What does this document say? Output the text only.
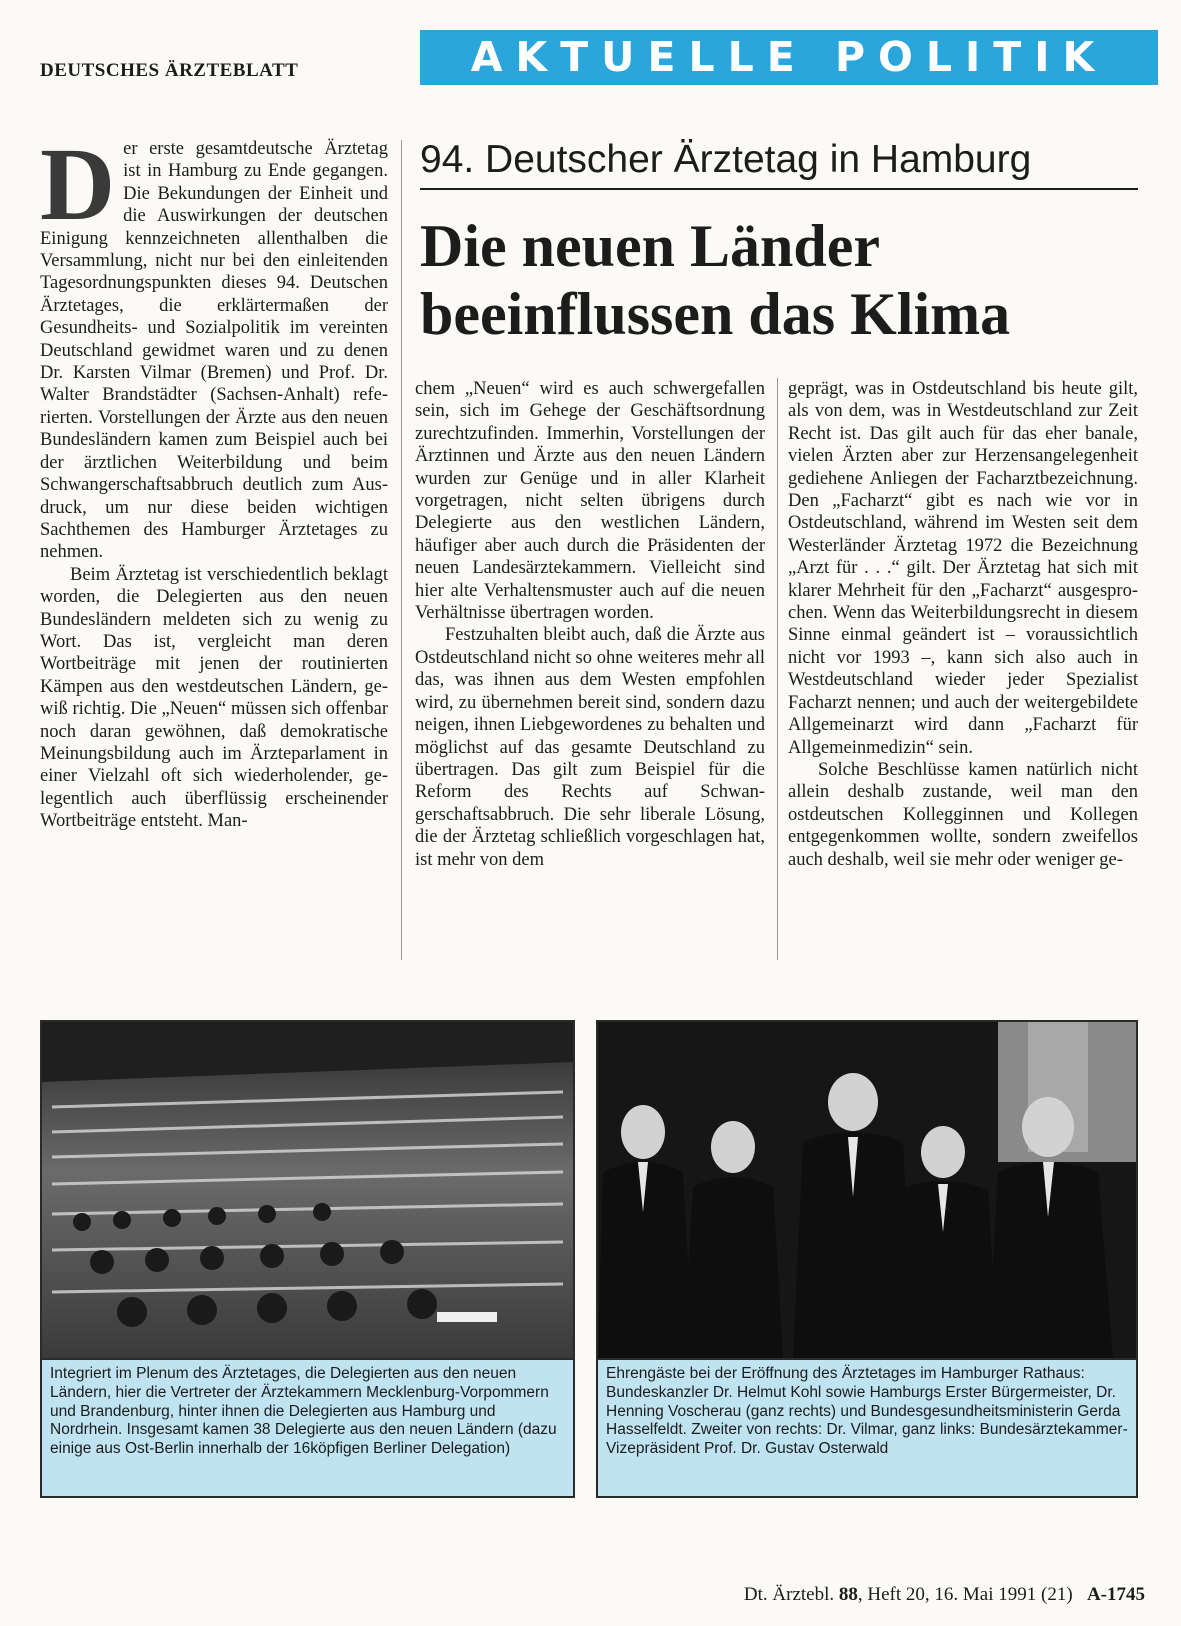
DEUTSCHES ÄRZTEBLATT	AKTUELLE POLITIK
94. Deutscher Ärztetag in Hamburg
Die neuen Länder beeinflussen das Klima

Der erste gesamtdeutsche Ärztetag ist in Hamburg zu Ende gegangen. Die Bekundungen der Einheit und die Auswirkungen der deutschen Einigung kennzeichneten allenthalben die Versammlung, nicht nur bei den einleitenden Tagesordnungspunkten dieses 94. Deutschen Ärztetages, die erklärtermaßen der Gesundheits- und Sozialpolitik im vereinten Deutschland gewidmet waren und zu denen Dr. Karsten Vilmar (Bremen) und Prof. Dr. Walter Brandstädter (Sachsen-Anhalt) referierten. Vorstellungen der Ärzte aus den neuen Bundesländern kamen zum Beispiel auch bei der ärztlichen Weiterbildung und beim Schwangerschaftsabbruch deutlich zum Ausdruck, um nur diese beiden wichtigen Sachthemen des Hamburger Ärztetages zu nehmen.

Beim Ärztetag ist verschiedentlich beklagt worden, die Delegierten aus den neuen Bundesländern meldeten sich zu wenig zu Wort. Das ist, vergleicht man deren Wortbeiträge mit jenen der routinierten Kämpen aus den westdeutschen Ländern, gewiß richtig. Die „Neuen“ müssen sich offenbar noch daran gewöhnen, daß demokratische Meinungsbildung auch im Ärzteparlament in einer Vielzahl oft sich wiederholender, gelegentlich auch überflüssig erscheinender Wortbeiträge entsteht. Man-

chem „Neuen“ wird es auch schwergefallen sein, sich im Gehege der Geschäftsordnung zurechtzufinden. Immerhin, Vorstellungen der Ärztinnen und Ärzte aus den neuen Ländern wurden zur Genüge und in aller Klarheit vorgetragen, nicht selten übrigens durch Delegierte aus den westlichen Ländern, häufiger aber auch durch die Präsidenten der neuen Landesärztekammern. Vielleicht sind hier alte Verhaltensmuster auch auf die neuen Verhältnisse übertragen worden.

Festzuhalten bleibt auch, daß die Ärzte aus Ostdeutschland nicht so ohne weiteres mehr all das, was ihnen aus dem Westen empfohlen wird, zu übernehmen bereit sind, sondern dazu neigen, ihnen Liebgewordenes zu behalten und möglichst auf das gesamte Deutschland zu übertragen. Das gilt zum Beispiel für die Reform des Rechts auf Schwangerschaftsabbruch. Die sehr liberale Lösung, die der Ärztetag schließlich vorgeschlagen hat, ist mehr von dem

geprägt, was in Ostdeutschland bis heute gilt, als von dem, was in Westdeutschland zur Zeit Recht ist. Das gilt auch für das eher banale, vielen Ärzten aber zur Herzensangelegenheit gediehene Anliegen der Facharztbezeichnung. Den „Facharzt“ gibt es nach wie vor in Ostdeutschland, während im Westen seit dem Westerländer Ärztetag 1972 die Bezeichnung „Arzt für . . .“ gilt. Der Ärztetag hat sich mit klarer Mehrheit für den „Facharzt“ ausgesprochen. Wenn das Weiterbildungsrecht in diesem Sinne einmal geändert ist – voraussichtlich nicht vor 1993 –, kann sich also auch in Westdeutschland wieder jeder Spezialist Facharzt nennen; und auch der weitergebildete Allgemeinarzt wird dann „Facharzt für Allgemeinmedizin“ sein.

Solche Beschlüsse kamen natürlich nicht allein deshalb zustande, weil man den ostdeutschen Kollegginnen und Kollegen entgegenkommen wollte, sondern zweifellos auch deshalb, weil sie mehr oder weniger ge-

Integriert im Plenum des Ärztetages, die Delegierten aus den neuen Ländern, hier die Vertreter der Ärztekammern Mecklenburg-Vorpommern und Brandenburg, hinter ihnen die Delegierten aus Hamburg und Nordrhein. Insgesamt kamen 38 Delegierte aus den neuen Ländern (dazu einige aus Ost-Berlin innerhalb der 16köpfigen Berliner Delegation)
Ehrengäste bei der Eröffnung des Ärztetages im Hamburger Rathaus: Bundeskanzler Dr. Helmut Kohl sowie Hamburgs Erster Bürgermeister, Dr. Henning Voscherau (ganz rechts) und Bundesgesundheitsministerin Gerda Hasselfeldt. Zweiter von rechts: Dr. Vilmar, ganz links: Bundesärztekammer-Vizepräsident Prof. Dr. Gustav Osterwald
Dt. Ärztebl. 88, Heft 20, 16. Mai 1991 (21) A-1745
